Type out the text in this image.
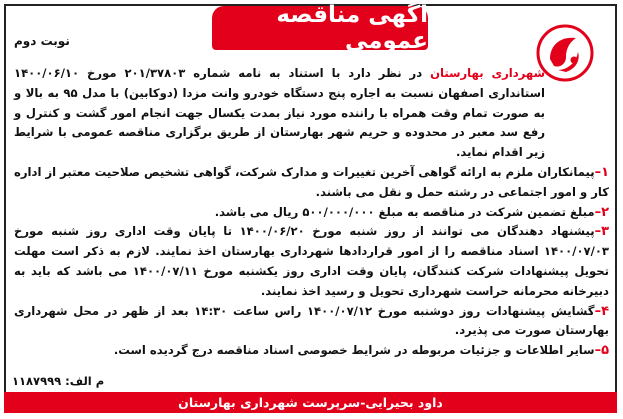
آگهی مناقصه عمومی
نوبت دوم

شهرداری بهارستان در نظر دارد با استناد به نامه شماره ۲۰۱/۳۷۸۰۳ مورخ ۱۴۰۰/۰۶/۱۰ استانداری اصفهان نسبت به اجاره پنج دستگاه خودرو وانت مزدا (دوکابین) با مدل ۹۵ به بالا و به صورت تمام وقت همراه با راننده مورد نیاز بمدت یکسال جهت انجام امور گشت و کنترل و رفع سد معبر در محدوده و حریم شهر بهارستان از طریق برگزاری مناقصه عمومی با شرایط زیر اقدام نماید.

۱–پیمانکاران ملزم به ارائه گواهی آخرین تغییرات و مدارک شرکت، گواهی تشخیص صلاحیت معتبر از اداره کار و امور اجتماعی در رشته حمل و نقل می باشند.

۲–مبلغ تضمین شرکت در مناقصه به مبلغ ۵۰۰/۰۰۰/۰۰۰ ریال می باشد.

۳–پیشنهاد دهندگان می توانند از روز شنبه مورخ ۱۴۰۰/۰۶/۲۰ تا پایان وقت اداری روز شنبه مورخ ۱۴۰۰/۰۷/۰۳ اسناد مناقصه را از امور قراردادها شهرداری بهارستان اخذ نمایند. لازم به ذکر است مهلت تحویل پیشنهادات شرکت کنندگان، پایان وقت اداری روز یکشنبه مورخ ۱۴۰۰/۰۷/۱۱ می باشد که باید به دبیرخانه محرمانه حراست شهرداری تحویل و رسید اخذ نمایند.

۴–گشایش پیشنهادات روز دوشنبه مورخ ۱۴۰۰/۰۷/۱۲ راس ساعت ۱۴:۳۰ بعد از ظهر در محل شهرداری بهارستان صورت می پذیرد.

۵–سایر اطلاعات و جزئیات مربوطه در شرایط خصوصی اسناد مناقصه درج گردیده است.

م الف: ۱۱۸۷۹۹۹
داود بحیرایی-سرپرست شهرداری بهارستان
